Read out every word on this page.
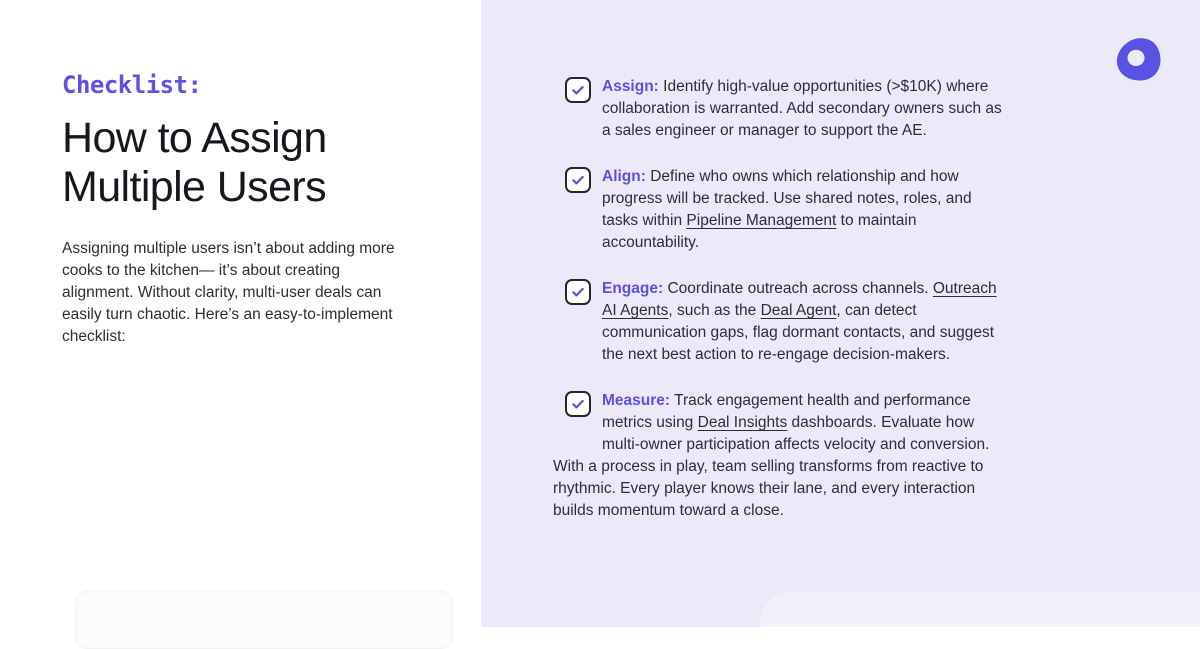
Checklist:
How to Assign
Multiple Users

Assigning multiple users isn’t about adding more cooks to the kitchen— it’s about creating alignment. Without clarity, multi-user deals can easily turn chaotic. Here’s an easy-to-implement checklist:

Assign: Identify high-value opportunities (>$10K) where collaboration is warranted. Add secondary owners such as a sales engineer or manager to support the AE.

Align: Define who owns which relationship and how progress will be tracked. Use shared notes, roles, and tasks within Pipeline Management to maintain accountability.

Engage: Coordinate outreach across channels. Outreach AI Agents, such as the Deal Agent, can detect communication gaps, flag dormant contacts, and suggest the next best action to re-engage decision-makers.

Measure: Track engagement health and performance metrics using Deal Insights dashboards. Evaluate how multi-owner participation affects velocity and conversion.

With a process in play, team selling transforms from reactive to rhythmic. Every player knows their lane, and every interaction builds momentum toward a close.
